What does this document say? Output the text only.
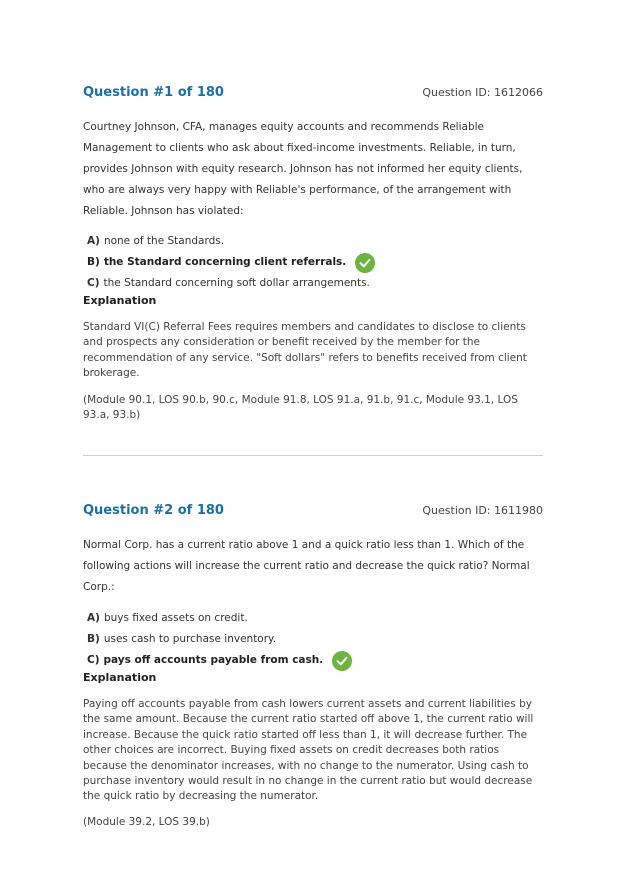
Question #1 of 180	Question ID: 1612066
Courtney Johnson, CFA, manages equity accounts and recommends Reliable Management to clients who ask about fixed-income investments. Reliable, in turn, provides Johnson with equity research. Johnson has not informed her equity clients, who are always very happy with Reliable's performance, of the arrangement with Reliable. Johnson has violated:
A) none of the Standards.
B) the Standard concerning client referrals.
C) the Standard concerning soft dollar arrangements.
Explanation
Standard VI(C) Referral Fees requires members and candidates to disclose to clients and prospects any consideration or benefit received by the member for the recommendation of any service. "Soft dollars" refers to benefits received from client brokerage.
(Module 90.1, LOS 90.b, 90.c, Module 91.8, LOS 91.a, 91.b, 91.c, Module 93.1, LOS 93.a, 93.b)
Question #2 of 180	Question ID: 1611980
Normal Corp. has a current ratio above 1 and a quick ratio less than 1. Which of the following actions will increase the current ratio and decrease the quick ratio? Normal Corp.:
A) buys fixed assets on credit.
B) uses cash to purchase inventory.
C) pays off accounts payable from cash.
Explanation
Paying off accounts payable from cash lowers current assets and current liabilities by the same amount. Because the current ratio started off above 1, the current ratio will increase. Because the quick ratio started off less than 1, it will decrease further. The other choices are incorrect. Buying fixed assets on credit decreases both ratios because the denominator increases, with no change to the numerator. Using cash to purchase inventory would result in no change in the current ratio but would decrease the quick ratio by decreasing the numerator.
(Module 39.2, LOS 39.b)
